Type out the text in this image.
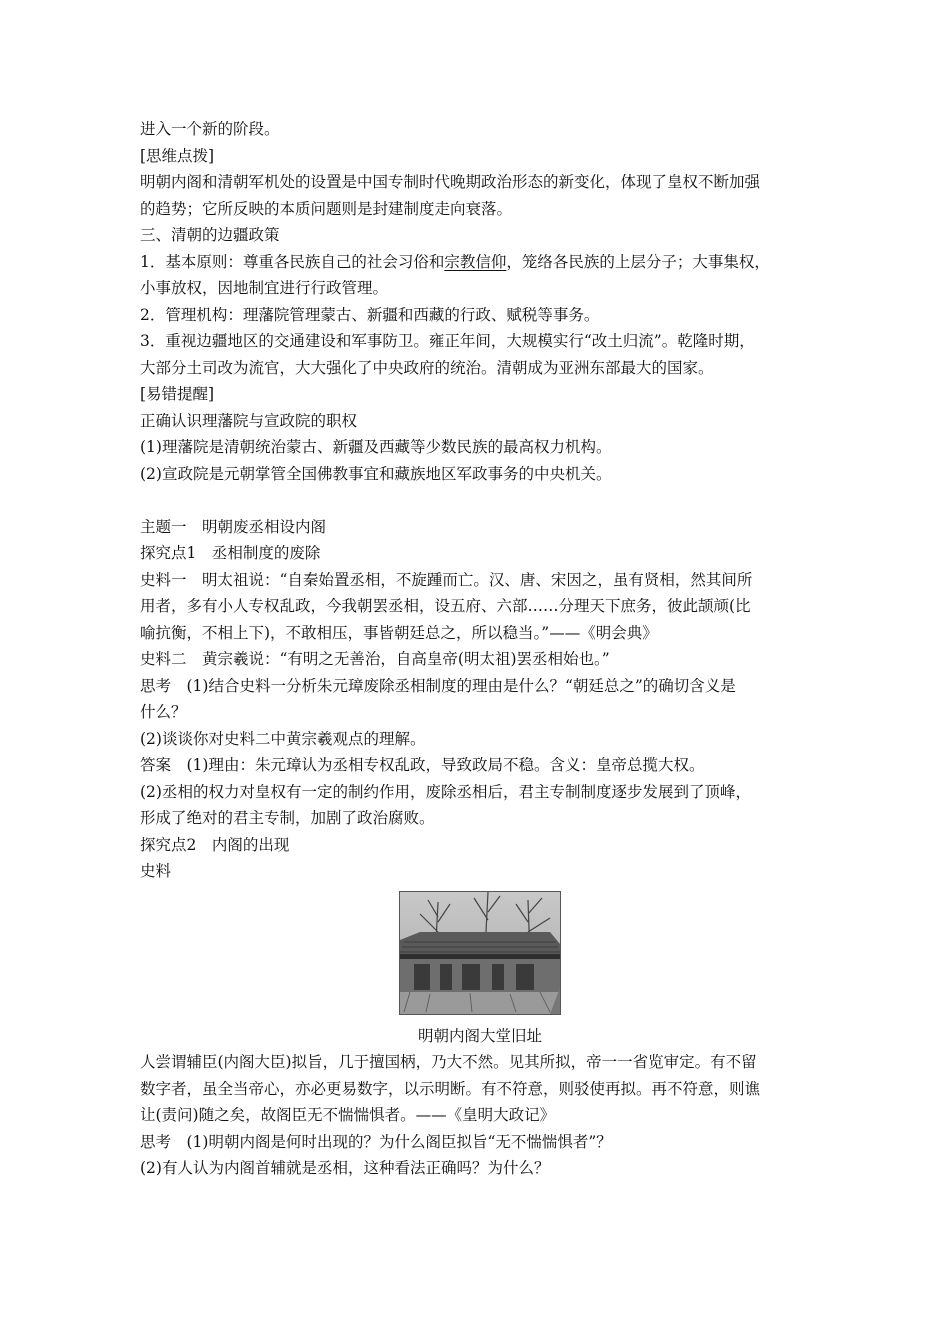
进入一个新的阶段。
[思维点拨]
明朝内阁和清朝军机处的设置是中国专制时代晚期政治形态的新变化，体现了皇权不断加强
的趋势；它所反映的本质问题则是封建制度走向衰落。
三、清朝的边疆政策
1．基本原则：尊重各民族自己的社会习俗和宗教信仰，笼络各民族的上层分子；大事集权，
小事放权，因地制宜进行行政管理。
2．管理机构：理藩院管理蒙古、新疆和西藏的行政、赋税等事务。
3．重视边疆地区的交通建设和军事防卫。雍正年间，大规模实行“改土归流”。乾隆时期，
大部分土司改为流官，大大强化了中央政府的统治。清朝成为亚洲东部最大的国家。
[易错提醒]
正确认识理藩院与宣政院的职权
(1)理藩院是清朝统治蒙古、新疆及西藏等少数民族的最高权力机构。
(2)宣政院是元朝掌管全国佛教事宜和藏族地区军政事务的中央机关。
主题一　明朝废丞相设内阁
探究点1　丞相制度的废除
史料一　明太祖说：“自秦始置丞相，不旋踵而亡。汉、唐、宋因之，虽有贤相，然其间所
用者，多有小人专权乱政，今我朝罢丞相，设五府、六部……分理天下庶务，彼此颉颃(比
喻抗衡，不相上下)，不敢相压，事皆朝廷总之，所以稳当。”——《明会典》
史料二　黄宗羲说：“有明之无善治，自高皇帝(明太祖)罢丞相始也。”
思考　(1)结合史料一分析朱元璋废除丞相制度的理由是什么？“朝廷总之”的确切含义是
什么？
(2)谈谈你对史料二中黄宗羲观点的理解。
答案　(1)理由：朱元璋认为丞相专权乱政，导致政局不稳。含义：皇帝总揽大权。
(2)丞相的权力对皇权有一定的制约作用，废除丞相后，君主专制制度逐步发展到了顶峰，
形成了绝对的君主专制，加剧了政治腐败。
探究点2　内阁的出现
史料
明朝内阁大堂旧址
人尝谓辅臣(内阁大臣)拟旨，几于擅国柄，乃大不然。见其所拟，帝一一省览审定。有不留
数字者，虽全当帝心，亦必更易数字，以示明断。有不符意，则驳使再拟。再不符意，则谯
让(责问)随之矣，故阁臣无不惴惴惧者。——《皇明大政记》
思考　(1)明朝内阁是何时出现的？为什么阁臣拟旨“无不惴惴惧者”？
(2)有人认为内阁首辅就是丞相，这种看法正确吗？为什么？
